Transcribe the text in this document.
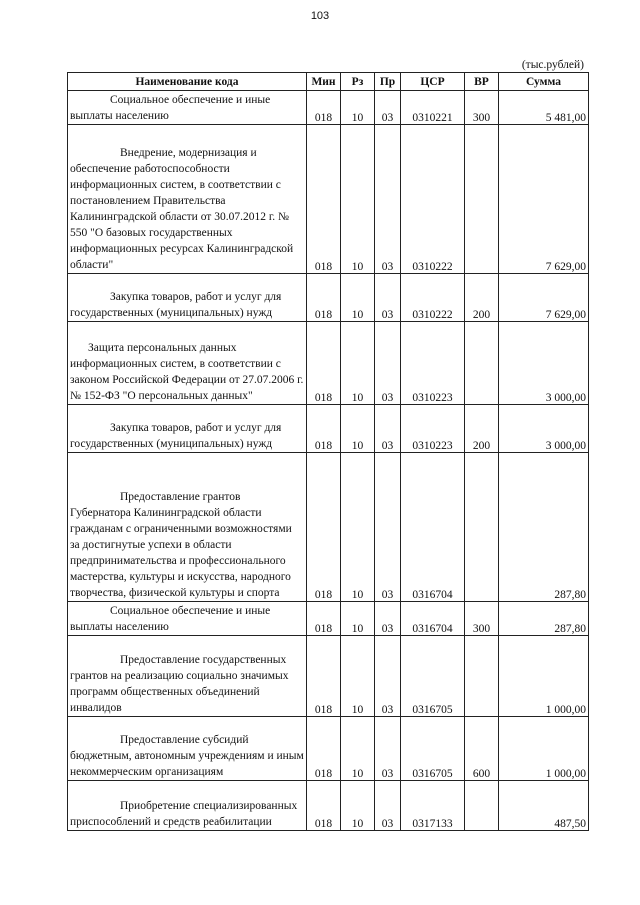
103
(тыс.рублей)
Наименование кода	Мин	Рз	Пр	ЦСР	ВР	Сумма

Социальное обеспечение и иные выплаты населению	018	10	03	0310221	300	5 481,00

Внедрение, модернизация и обеспечение работоспособности информационных систем, в соответствии с постановлением Правительства Калининградской области от 30.07.2012 г. № 550 "О базовых государственных информационных ресурсах Калининградской области"	018	10	03	0310222		7 629,00

Закупка товаров, работ и услуг для государственных (муниципальных) нужд	018	10	03	0310222	200	7 629,00

Защита персональных данных информационных систем, в соответствии с законом Российской Федерации от 27.07.2006 г. № 152-ФЗ "О персональных данных"	018	10	03	0310223		3 000,00

Закупка товаров, работ и услуг для государственных (муниципальных) нужд	018	10	03	0310223	200	3 000,00

Предоставление грантов Губернатора Калининградской области гражданам с ограниченными возможностями за достигнутые успехи в области предпринимательства и профессионального мастерства, культуры и искусства, народного творчества, физической культуры и спорта	018	10	03	0316704		287,80

Социальное обеспечение и иные выплаты населению	018	10	03	0316704	300	287,80

Предоставление государственных грантов на реализацию социально значимых программ общественных объединений инвалидов	018	10	03	0316705		1 000,00

Предоставление субсидий бюджетным, автономным учреждениям и иным некоммерческим организациям	018	10	03	0316705	600	1 000,00

Приобретение специализированных приспособлений и средств реабилитации	018	10	03	0317133		487,50
